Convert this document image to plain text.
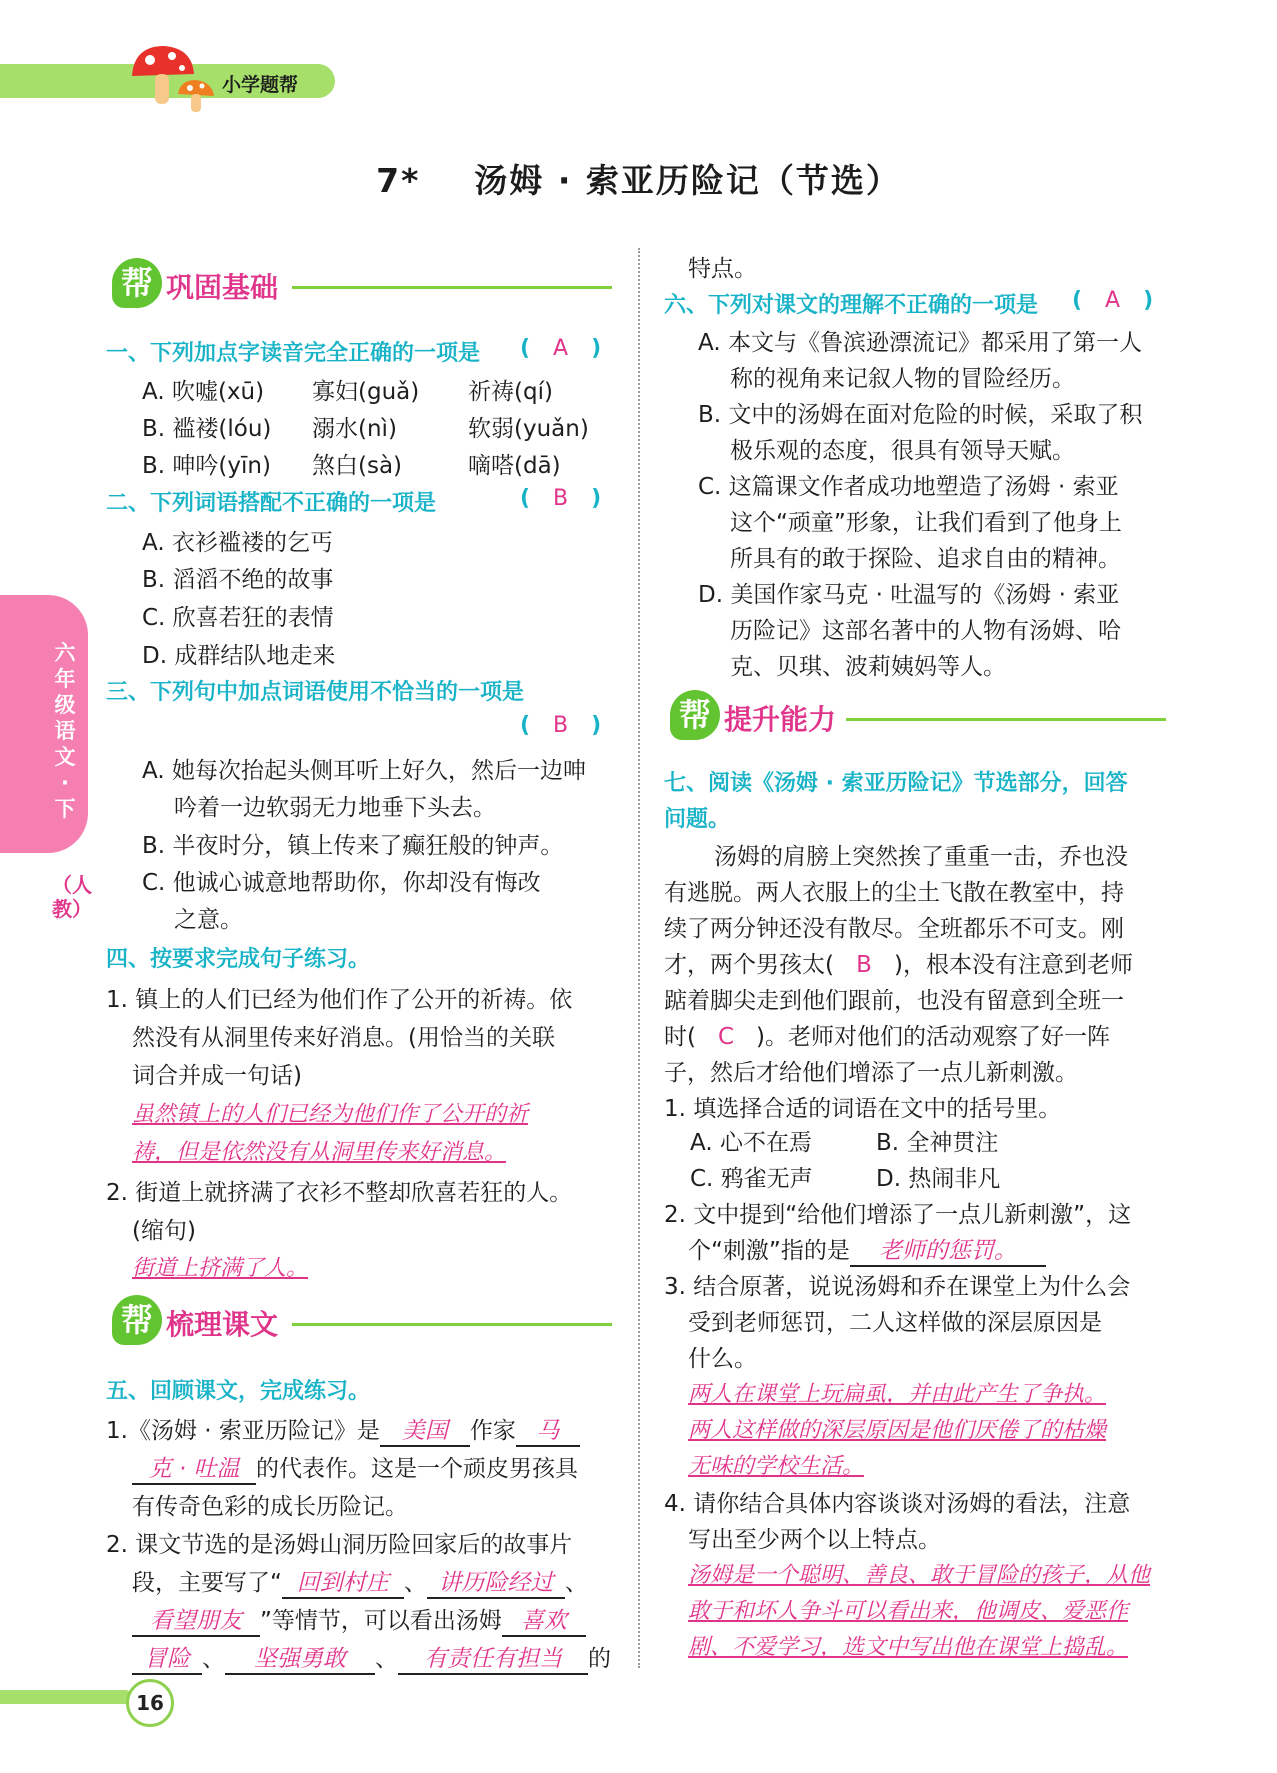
小学题帮
7*    汤姆 · 索亚历险记（节选）
六年级语文·下
（人教）
帮 巩固基础
一、下列加点字读音完全正确的一项是 (   A   )
A. 吹嘘(xū) 寡妇(guǎ) 祈祷(qí)
B. 褴褛(lóu) 溺水(nì)	软弱(yuǎn)
B. 呻吟(yīn) 煞白(sà)	嘀嗒(dā)
二、下列词语搭配不正确的一项是	(   B   )
A. 衣衫褴褛的乞丐
B. 滔滔不绝的故事
C. 欣喜若狂的表情
D. 成群结队地走来
三、下列句中加点词语使用不恰当的一项是
(   B   )
A. 她每次抬起头侧耳听上好久，然后一边呻
吟着一边软弱无力地垂下头去。
B. 半夜时分，镇上传来了癫狂般的钟声。
C. 他诚心诚意地帮助你，你却没有悔改
之意。
四、按要求完成句子练习。
1. 镇上的人们已经为他们作了公开的祈祷。依
然没有从洞里传来好消息。(用恰当的关联
词合并成一句话)
虽然镇上的人们已经为他们作了公开的祈
祷，但是依然没有从洞里传来好消息。
2. 街道上就挤满了衣衫不整却欣喜若狂的人。
(缩句)
街道上挤满了人。
帮 梳理课文
五、回顾课文，完成练习。
1.《汤姆 · 索亚历险记》是 美国 作家 马
克 · 吐温 的代表作。这是一个顽皮男孩具
有传奇色彩的成长历险记。
2. 课文节选的是汤姆山洞历险回家后的故事片
段，主要写了“ 回到村庄 、 讲历险经过 、
看望朋友 ”等情节，可以看出汤姆 喜欢
冒险 、 坚强勇敢 、 有责任有担当 的
特点。
六、下列对课文的理解不正确的一项是 (   A   )
A. 本文与《鲁滨逊漂流记》都采用了第一人
称的视角来记叙人物的冒险经历。
B. 文中的汤姆在面对危险的时候，采取了积
极乐观的态度，很具有领导天赋。
C. 这篇课文作者成功地塑造了汤姆 · 索亚
这个“顽童”形象，让我们看到了他身上
所具有的敢于探险、追求自由的精神。
D. 美国作家马克 · 吐温写的《汤姆 · 索亚
历险记》这部名著中的人物有汤姆、哈
克、贝琪、波莉姨妈等人。
帮 提升能力
七、阅读《汤姆 · 索亚历险记》节选部分，回答
问题。
汤姆的肩膀上突然挨了重重一击，乔也没
有逃脱。两人衣服上的尘土飞散在教室中，持
续了两分钟还没有散尽。全班都乐不可支。刚
才，两个男孩太( B )，根本没有注意到老师
踮着脚尖走到他们跟前，也没有留意到全班一
时( C )。老师对他们的活动观察了好一阵
子，然后才给他们增添了一点儿新刺激。
1. 填选择合适的词语在文中的括号里。
A. 心不在焉	B. 全神贯注
C. 鸦雀无声	D. 热闹非凡
2. 文中提到“给他们增添了一点儿新刺激”，这
个“刺激”指的是 老师的惩罚。
3. 结合原著，说说汤姆和乔在课堂上为什么会
受到老师惩罚，二人这样做的深层原因是
什么。
两人在课堂上玩扁虱，并由此产生了争执。
两人这样做的深层原因是他们厌倦了的枯燥
无味的学校生活。
4. 请你结合具体内容谈谈对汤姆的看法，注意
写出至少两个以上特点。
汤姆是一个聪明、善良、敢于冒险的孩子，从他
敢于和坏人争斗可以看出来，他调皮、爱恶作
剧、不爱学习，选文中写出他在课堂上捣乱。
16
